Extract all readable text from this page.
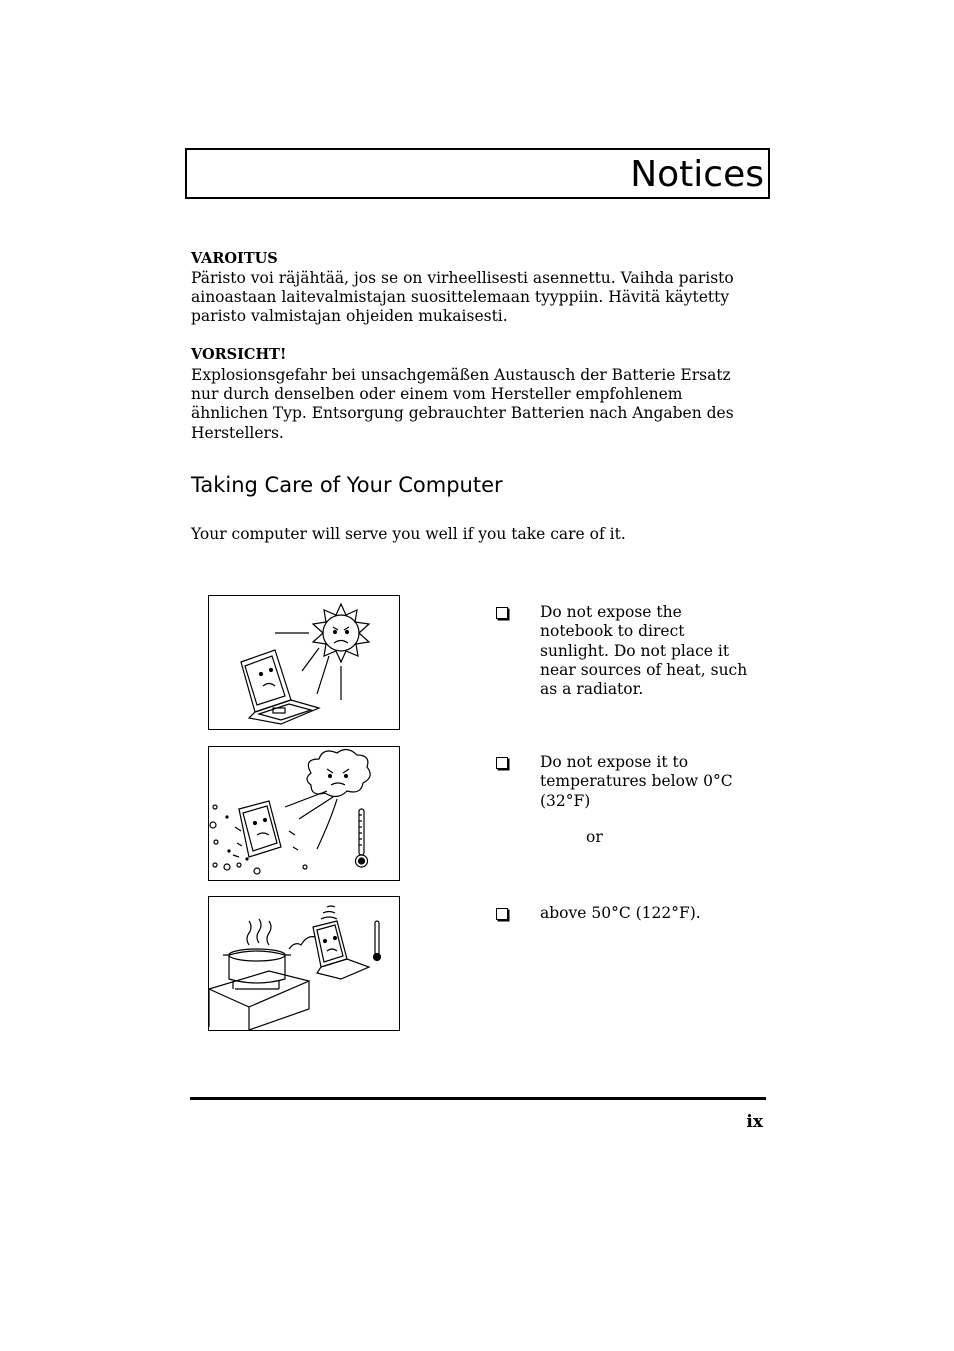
Notices
VAROITUS
Päristo voi räjähtää, jos se on virheellisesti asennettu. Vaihda paristo
ainoastaan laitevalmistajan suosittelemaan tyyppiin. Hävitä käytetty
paristo valmistajan ohjeiden mukaisesti.
VORSICHT!
Explosionsgefahr bei unsachgemäßen Austausch der Batterie Ersatz
nur durch denselben oder einem vom Hersteller empfohlenem
ähnlichen Typ. Entsorgung gebrauchter Batterien nach Angaben des
Herstellers.
Taking Care of Your Computer
Your computer will serve you well if you take care of it.
Do not expose the
notebook to direct
sunlight. Do not place it
near sources of heat, such
as a radiator.
Do not expose it to
temperatures below 0°C
(32°F)
or
above 50°C (122°F).
ix
